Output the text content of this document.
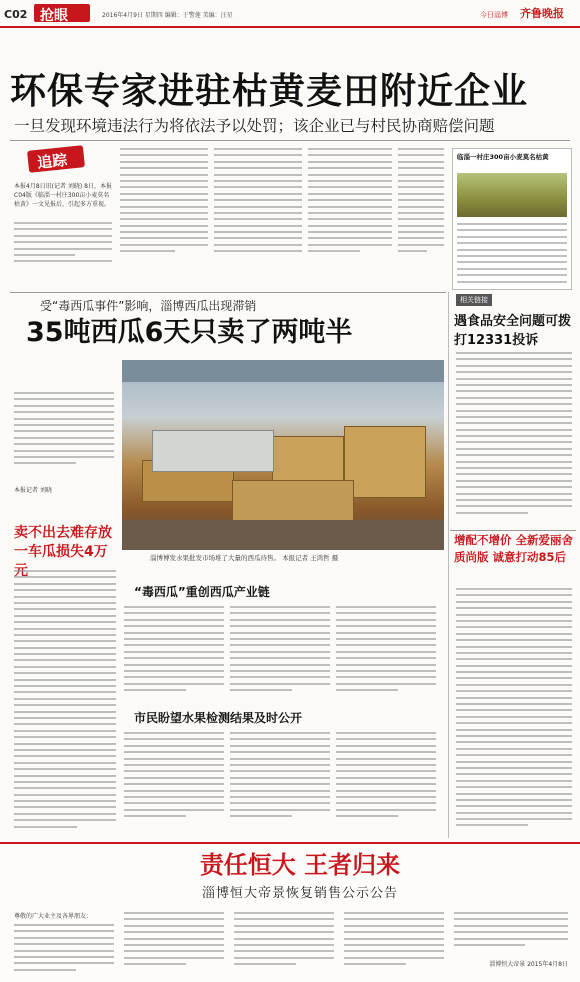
C02 抢眼	2016年4月9日 星期四 编辑：于警莲 美编：汪星	今日淄博 齐鲁晚报
环保专家进驻枯黄麦田附近企业
一旦发现环境违法行为将依法予以处罚；该企业已与村民协商赔偿问题
追踪
本报4月8日讯(记者 刘晓) 8日，本报C04版《临淄一村庄300亩小麦莫名枯黄》一文见报后，引起多方重视。
临淄一村庄300亩小麦莫名枯黄
受“毒西瓜事件”影响，淄博西瓜出现滞销
35吨西瓜6天只卖了两吨半
本报记者 刘晓
淄博博发水果批发市场堆了大量的西瓜待售。 本报记者 王鸿哲 摄
卖不出去难存放 一车瓜损失4万元
“毒西瓜”重创西瓜产业链
市民盼望水果检测结果及时公开
相关链接
遇食品安全问题可拨打12331投诉
增配不增价 全新爱丽舍质尚版 诚意打动85后
责任恒大 王者归来
淄博恒大帝景恢复销售公示公告
尊敬的广大业主及各界朋友：
淄博恒大帝景 2015年4月8日
